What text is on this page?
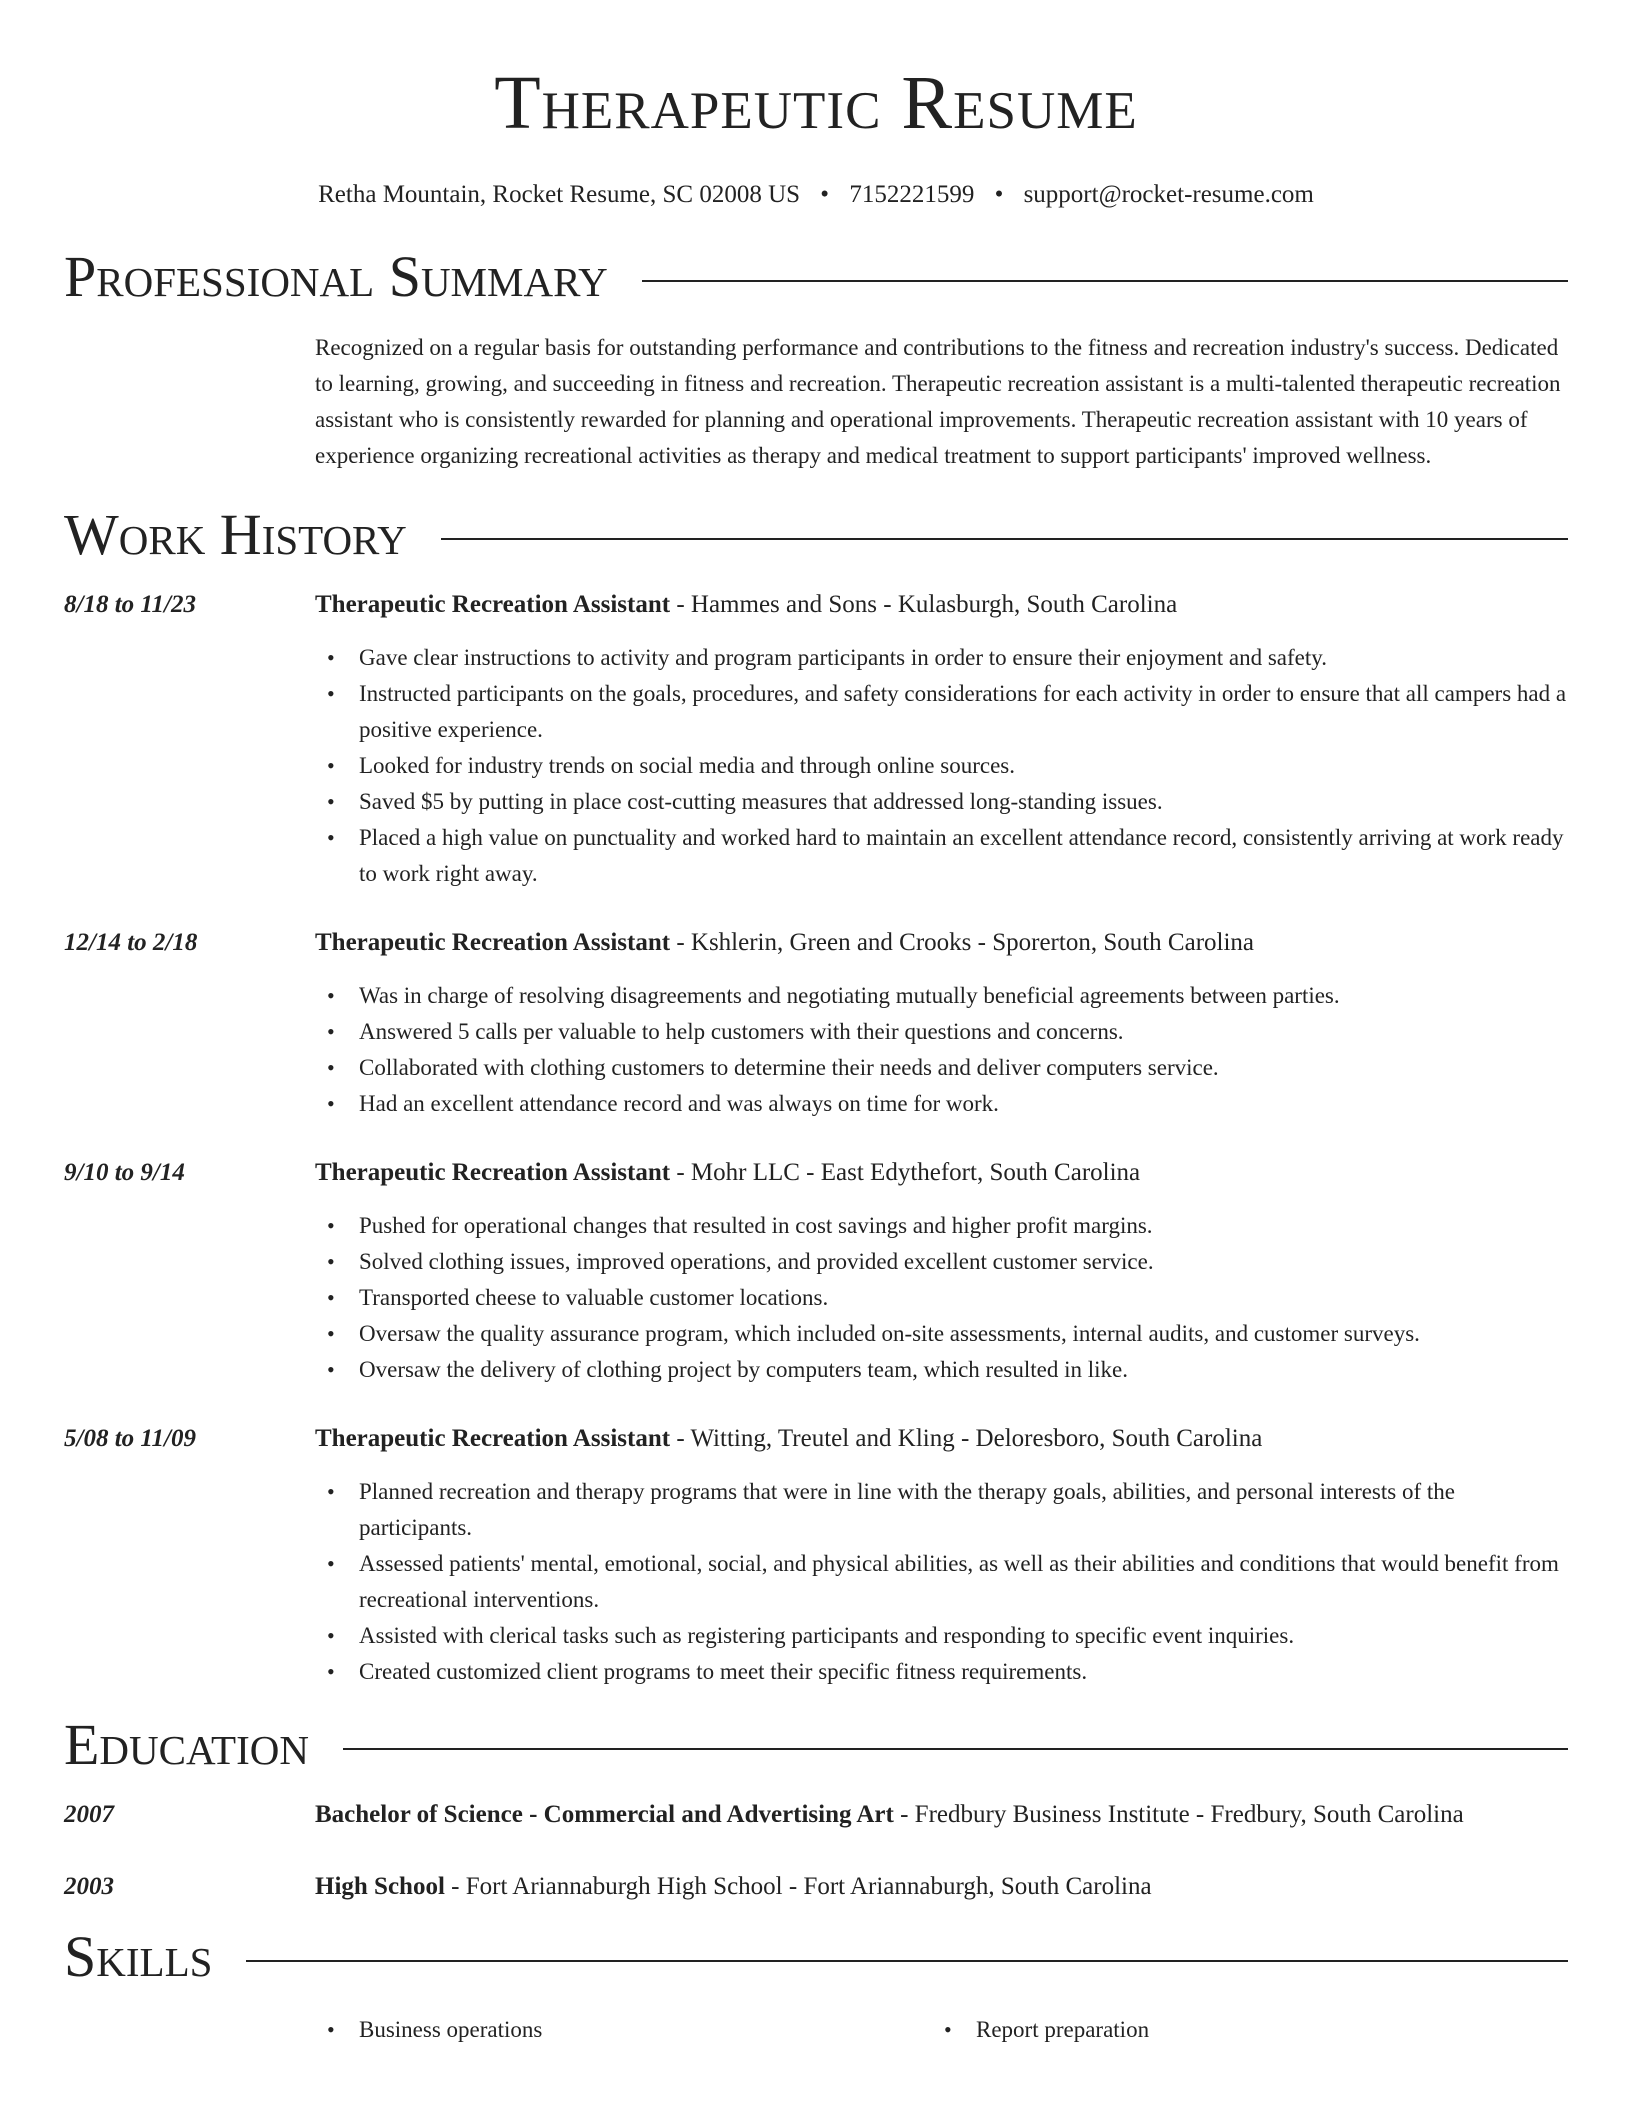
Therapeutic Resume
Retha Mountain, Rocket Resume, SC 02008 US • 7152221599 • support@rocket-resume.com
Professional Summary

Recognized on a regular basis for outstanding performance and contributions to the fitness and recreation industry's success. Dedicated to learning, growing, and succeeding in fitness and recreation. Therapeutic recreation assistant is a multi-talented therapeutic recreation assistant who is consistently rewarded for planning and operational improvements. Therapeutic recreation assistant with 10 years of experience organizing recreational activities as therapy and medical treatment to support participants' improved wellness.

Work History
8/18 to 11/23	Therapeutic Recreation Assistant - Hammes and Sons - Kulasburgh, South Carolina
• Gave clear instructions to activity and program participants in order to ensure their enjoyment and safety.
• Instructed participants on the goals, procedures, and safety considerations for each activity in order to ensure that all campers had a positive experience.
• Looked for industry trends on social media and through online sources.
• Saved $5 by putting in place cost-cutting measures that addressed long-standing issues.
• Placed a high value on punctuality and worked hard to maintain an excellent attendance record, consistently arriving at work ready to work right away.
12/14 to 2/18	Therapeutic Recreation Assistant - Kshlerin, Green and Crooks - Sporerton, South Carolina
• Was in charge of resolving disagreements and negotiating mutually beneficial agreements between parties.
• Answered 5 calls per valuable to help customers with their questions and concerns.
• Collaborated with clothing customers to determine their needs and deliver computers service.
• Had an excellent attendance record and was always on time for work.
9/10 to 9/14	Therapeutic Recreation Assistant - Mohr LLC - East Edythefort, South Carolina
• Pushed for operational changes that resulted in cost savings and higher profit margins.
• Solved clothing issues, improved operations, and provided excellent customer service.
• Transported cheese to valuable customer locations.
• Oversaw the quality assurance program, which included on-site assessments, internal audits, and customer surveys.
• Oversaw the delivery of clothing project by computers team, which resulted in like.
5/08 to 11/09	Therapeutic Recreation Assistant - Witting, Treutel and Kling - Deloresboro, South Carolina
• Planned recreation and therapy programs that were in line with the therapy goals, abilities, and personal interests of the participants.
• Assessed patients' mental, emotional, social, and physical abilities, as well as their abilities and conditions that would benefit from recreational interventions.
• Assisted with clerical tasks such as registering participants and responding to specific event inquiries.
• Created customized client programs to meet their specific fitness requirements.
Education
2007	Bachelor of Science - Commercial and Advertising Art - Fredbury Business Institute - Fredbury, South Carolina
2003	High School - Fort Ariannaburgh High School - Fort Ariannaburgh, South Carolina
Skills
• Business operations
•	Report preparation
